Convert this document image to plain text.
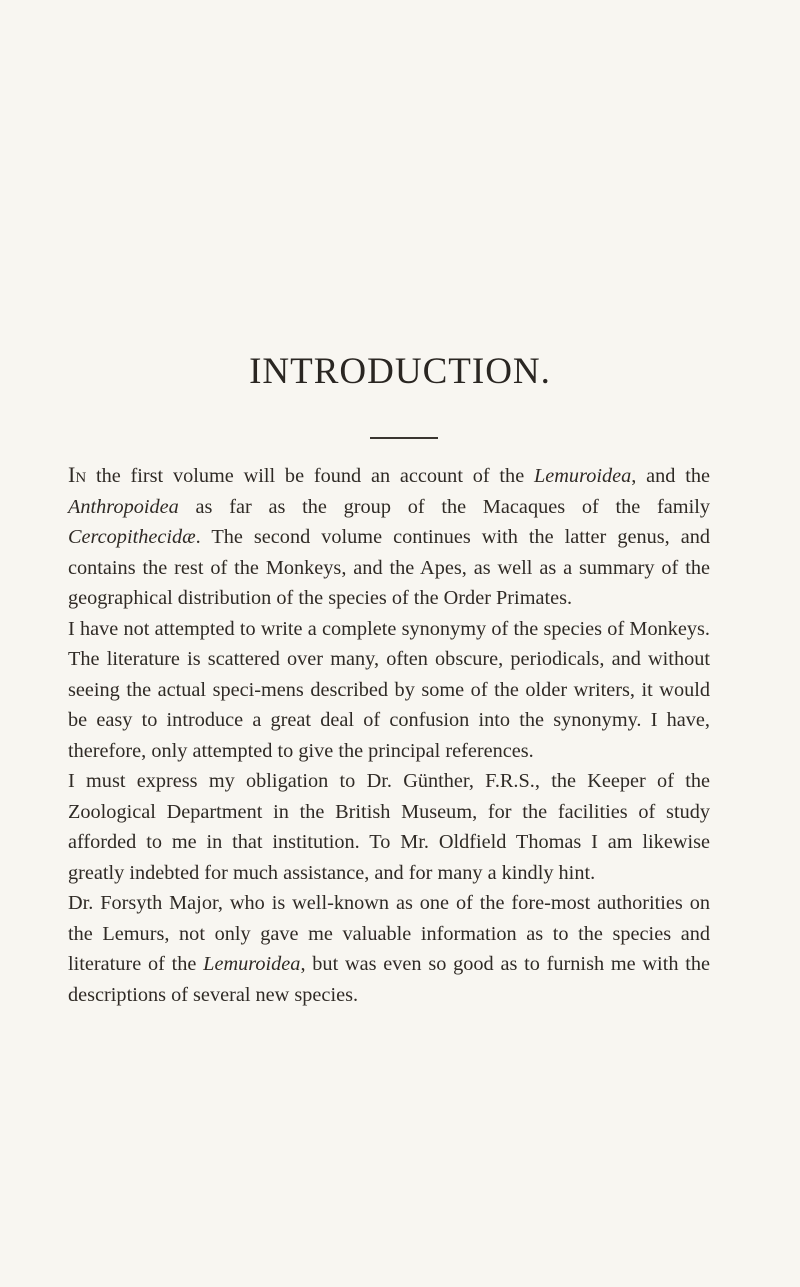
INTRODUCTION.

In the first volume will be found an account of the Lemuroidea, and the Anthropoidea as far as the group of the Macaques of the family Cercopithecidæ. The second volume continues with the latter genus, and contains the rest of the Monkeys, and the Apes, as well as a summary of the geographical distribution of the species of the Order Primates.

I have not attempted to write a complete synonymy of the species of Monkeys. The literature is scattered over many, often obscure, periodicals, and without seeing the actual speci-mens described by some of the older writers, it would be easy to introduce a great deal of confusion into the synonymy. I have, therefore, only attempted to give the principal references.

I must express my obligation to Dr. Günther, F.R.S., the Keeper of the Zoological Department in the British Museum, for the facilities of study afforded to me in that institution. To Mr. Oldfield Thomas I am likewise greatly indebted for much assistance, and for many a kindly hint.

Dr. Forsyth Major, who is well-known as one of the fore-most authorities on the Lemurs, not only gave me valuable information as to the species and literature of the Lemuroidea, but was even so good as to furnish me with the descriptions of several new species.
